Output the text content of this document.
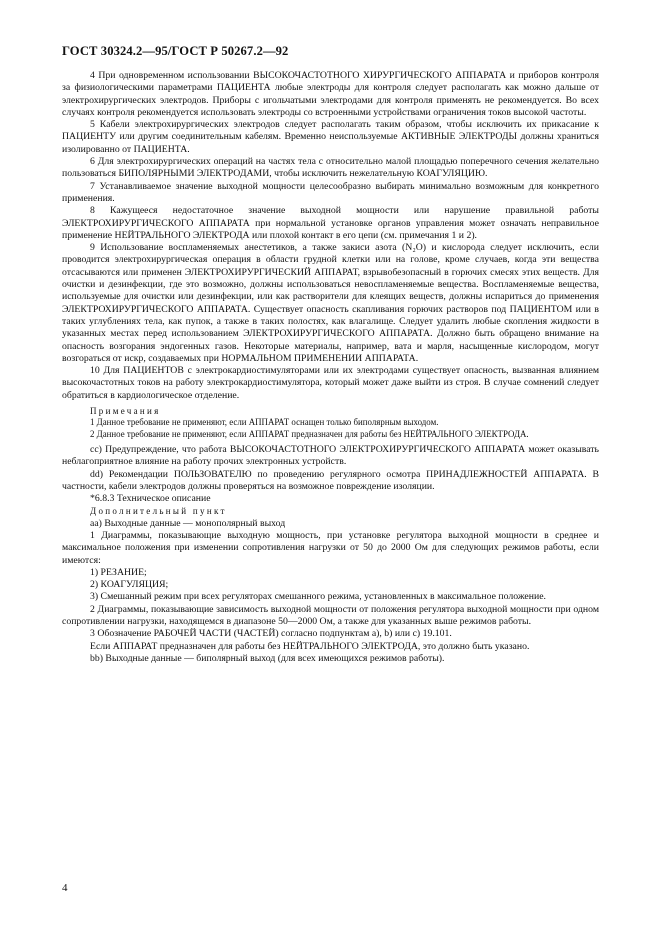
ГОСТ 30324.2—95/ГОСТ Р 50267.2—92

4 При одновременном использовании ВЫСОКОЧАСТОТНОГО ХИРУРГИЧЕСКОГО АППАРАТА и приборов контроля за физиологическими параметрами ПАЦИЕНТА любые электроды для контроля следует располагать как можно дальше от электрохирургических электродов. Приборы с игольчатыми электродами для контроля применять не рекомендуется. Во всех случаях контроля рекомендуется использовать электроды со встроенными устройствами ограничения токов высокой частоты.

5 Кабели электрохирургических электродов следует располагать таким образом, чтобы исключить их прикасание к ПАЦИЕНТУ или другим соединительным кабелям. Временно неиспользуемые АКТИВНЫЕ ЭЛЕКТРОДЫ должны храниться изолированно от ПАЦИЕНТА.

6 Для электрохирургических операций на частях тела с относительно малой площадью поперечного сечения желательно пользоваться БИПОЛЯРНЫМИ ЭЛЕКТРОДАМИ, чтобы исключить нежелательную КОАГУЛЯЦИЮ.

7 Устанавливаемое значение выходной мощности целесообразно выбирать минимально возможным для конкретного применения.

8 Кажущееся недостаточное значение выходной мощности или нарушение правильной работы ЭЛЕКТРОХИРУРГИЧЕСКОГО АППАРАТА при нормальной установке органов управления может означать неправильное применение НЕЙТРАЛЬНОГО ЭЛЕКТРОДА или плохой контакт в его цепи (см. примечания 1 и 2).

9 Использование воспламеняемых анестетиков, а также закиси азота (N₂O) и кислорода следует исключить, если проводится электрохирургическая операция в области грудной клетки или на голове, кроме случаев, когда эти вещества отсасываются или применен ЭЛЕКТРОХИРУРГИЧЕСКИЙ АППАРАТ, взрывобезопасный в горючих смесях этих веществ. Для очистки и дезинфекции, где это возможно, должны использоваться невоспламеняемые вещества. Воспламеняемые вещества, используемые для очистки или дезинфекции, или как растворители для клеящих веществ, должны испариться до применения ЭЛЕКТРОХИРУРГИЧЕСКОГО АППАРАТА. Существует опасность скапливания горючих растворов под ПАЦИЕНТОМ или в таких углублениях тела, как пупок, а также в таких полостях, как влагалище. Следует удалить любые скопления жидкости в указанных местах перед использованием ЭЛЕКТРОХИРУРГИЧЕСКОГО АППАРАТА. Должно быть обращено внимание на опасность возгорания эндогенных газов. Некоторые материалы, например, вата и марля, насыщенные кислородом, могут возгораться от искр, создаваемых при НОРМАЛЬНОМ ПРИМЕНЕНИИ АППАРАТА.

10 Для ПАЦИЕНТОВ с электрокардиостимуляторами или их электродами существует опасность, вызванная влиянием высокочастотных токов на работу электрокардиостимулятора, который может даже выйти из строя. В случае сомнений следует обратиться в кардиологическое отделение.

Примечания

1 Данное требование не применяют, если АППАРАТ оснащен только биполярным выходом.

2 Данное требование не применяют, если АППАРАТ предназначен для работы без НЕЙТРАЛЬНОГО ЭЛЕКТРОДА.

cc) Предупреждение, что работа ВЫСОКОЧАСТОТНОГО ЭЛЕКТРОХИРУРГИЧЕСКОГО АППАРАТА может оказывать неблагоприятное влияние на работу прочих электронных устройств.

dd) Рекомендации ПОЛЬЗОВАТЕЛЮ по проведению регулярного осмотра ПРИНАДЛЕЖНОСТЕЙ АППАРАТА. В частности, кабели электродов должны проверяться на возможное повреждение изоляции.

*6.8.3 Техническое описание

Дополнительный пункт

aa) Выходные данные — монополярный выход

1 Диаграммы, показывающие выходную мощность, при установке регулятора выходной мощности в среднее и максимальное положения при изменении сопротивления нагрузки от 50 до 2000 Ом для следующих режимов работы, если имеются:

1) РЕЗАНИЕ;

2) КОАГУЛЯЦИЯ;

3) Смешанный режим при всех регуляторах смешанного режима, установленных в максимальное положение.

2 Диаграммы, показывающие зависимость выходной мощности от положения регулятора выходной мощности при одном сопротивлении нагрузки, находящемся в диапазоне 50—2000 Ом, а также для указанных выше режимов работы.

3 Обозначение РАБОЧЕЙ ЧАСТИ (ЧАСТЕЙ) согласно подпунктам a), b) или c) 19.101.

Если АППАРАТ предназначен для работы без НЕЙТРАЛЬНОГО ЭЛЕКТРОДА, это должно быть указано.

bb) Выходные данные — биполярный выход (для всех имеющихся режимов работы).

4
